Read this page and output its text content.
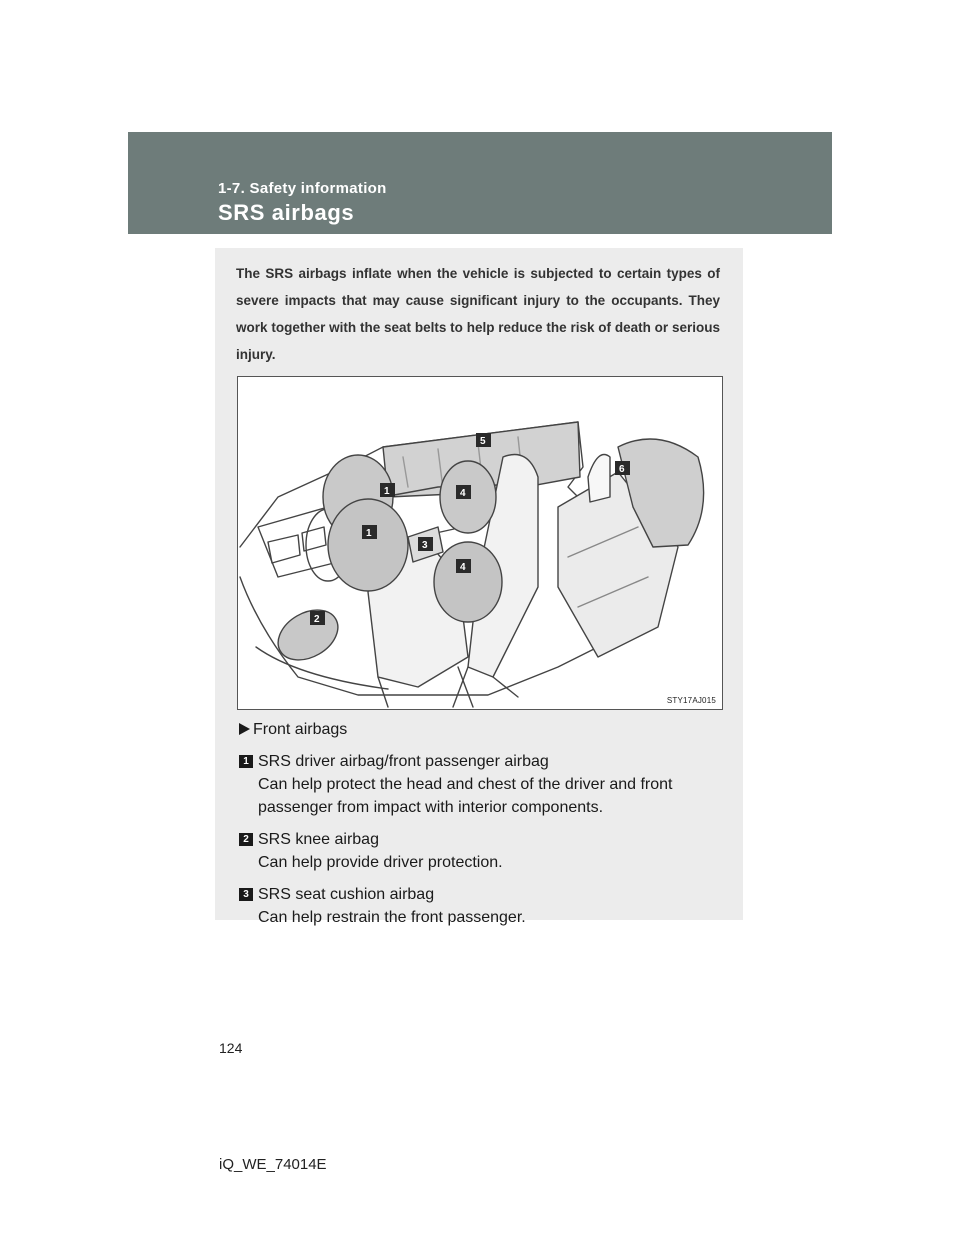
1-7. Safety information
SRS airbags
The SRS airbags inflate when the vehicle is subjected to certain types of severe impacts that may cause significant injury to the occupants. They work together with the seat belts to help reduce the risk of death or serious injury.
1
1
2
3
4
4
5
6
STY17AJ015
Front airbags
1 SRS driver airbag/front passenger airbag
Can help protect the head and chest of the driver and front passenger from impact with interior components.
2 SRS knee airbag
Can help provide driver protection.
3 SRS seat cushion airbag
Can help restrain the front passenger.
124
iQ_WE_74014E
